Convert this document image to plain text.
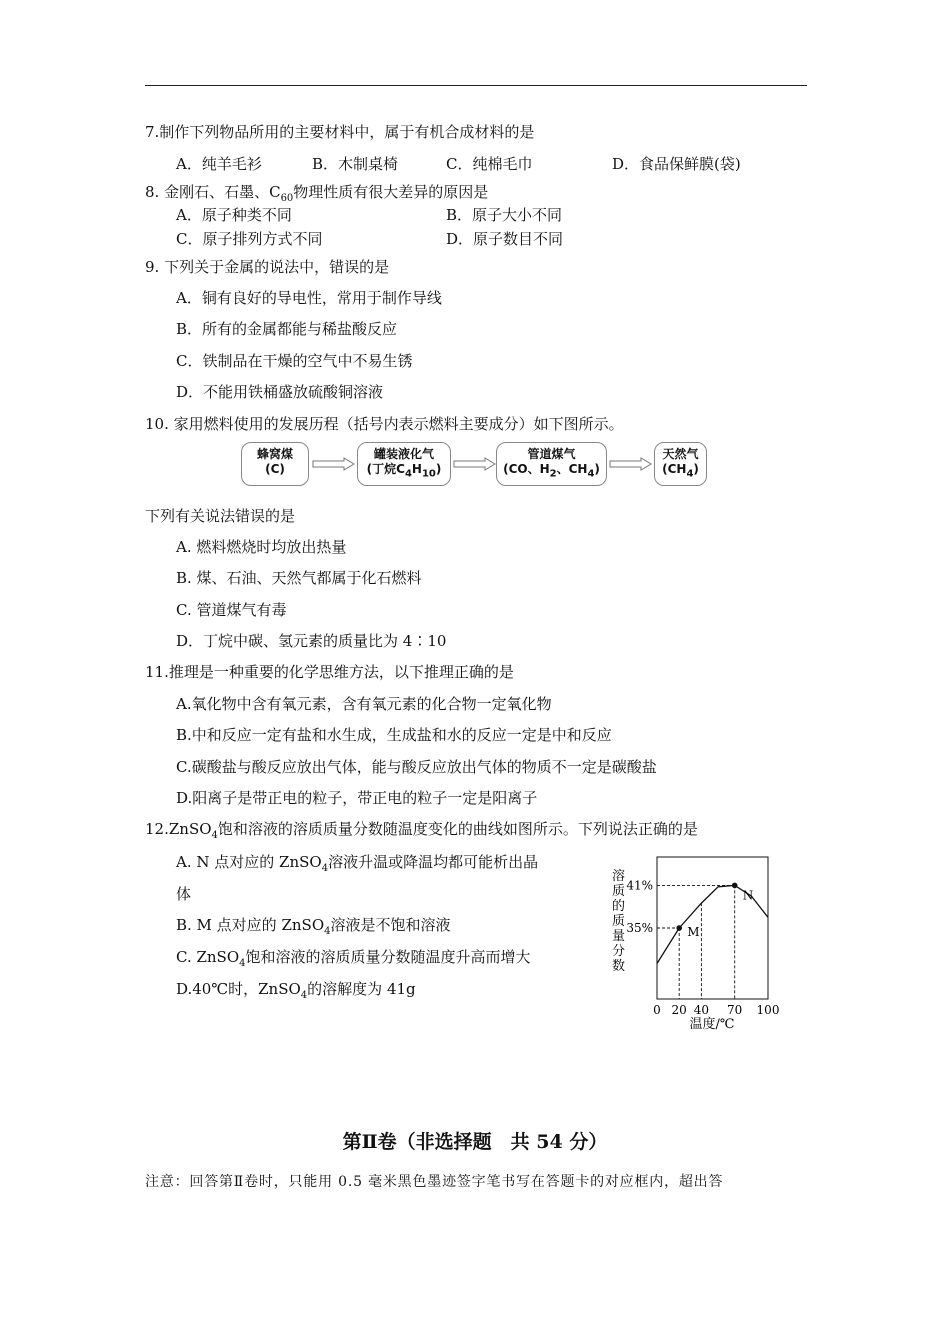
7.制作下列物品所用的主要材料中，属于有机合成材料的是
A．纯羊毛衫	B．木制桌椅	C．纯棉毛巾	D．食品保鲜膜(袋)
8. 金刚石、石墨、$C_{60}$物理性质有很大差异的原因是
A．原子种类不同	B．原子大小不同
C．原子排列方式不同	D．原子数目不同
9. 下列关于金属的说法中，错误的是
A．铜有良好的导电性，常用于制作导线
B．所有的金属都能与稀盐酸反应
C．铁制品在干燥的空气中不易生锈
D．不能用铁桶盛放硫酸铜溶液
10. 家用燃料使用的发展历程（括号内表示燃料主要成分）如下图所示。
蜂窝煤
(C)
罐装液化气
(丁烷$C_4H_{10}$)
管道煤气
(CO、$H_2$、$CH_4$)
天然气
$(CH_4)$
下列有关说法错误的是
A. 燃料燃烧时均放出热量
B. 煤、石油、天然气都属于化石燃料
C. 管道煤气有毒
D．丁烷中碳、氢元素的质量比为 4∶10
11.推理是一种重要的化学思维方法，以下推理正确的是
A.氧化物中含有氧元素，含有氧元素的化合物一定氧化物
B.中和反应一定有盐和水生成，生成盐和水的反应一定是中和反应
C.碳酸盐与酸反应放出气体，能与酸反应放出气体的物质不一定是碳酸盐
D.阳离子是带正电的粒子，带正电的粒子一定是阳离子
12.ZnSO$_4$饱和溶液的溶质质量分数随温度变化的曲线如图所示。下列说法正确的是
A. N 点对应的 ZnSO$_4$溶液升温或降温均都可能析出晶
体
B. M 点对应的 ZnSO$_4$溶液是不饱和溶液
C. ZnSO$_4$饱和溶液的溶质质量分数随温度升高而增大
D.40℃时，ZnSO$_4$的溶解度为 41g
溶质的质量分数
M
N
35%
41%
0 20 40 70 100
温度/℃
第Ⅱ卷（非选择题　共 54 分）
注意：回答第Ⅱ卷时，只能用 0.5 毫米黑色墨迹签字笔书写在答题卡的对应框内，超出答
